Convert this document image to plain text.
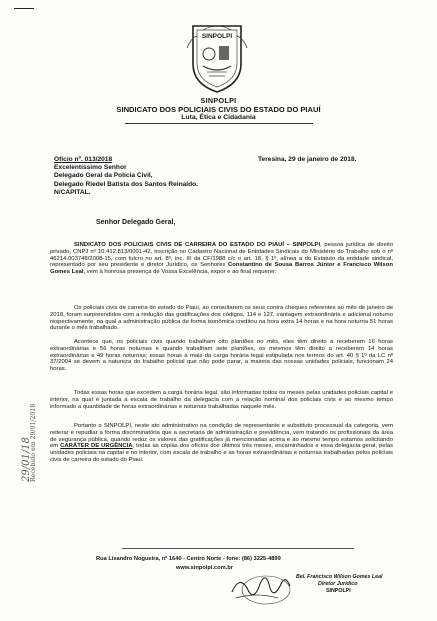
SINPOLPI
SINPOLPI
SINDICATO DOS POLICIAIS CIVIS DO ESTADO DO PIAUÍ
Luta, Ética e Cidadania
Ofício nº. 013/2018
Excelentíssimo Senhor
Delegado Geral da Polícia Civil,
Delegado Riedel Batista dos Santos Reinaldo.
N/CAPITAL.
Teresina, 29 de janeiro de 2018.
Senhor Delegado Geral,

SINDICATO DOS POLICIAIS CIVIS DE CARREIRA DO ESTADO DO PIAUÍ – SINPOLPI, pessoa jurídica de direito privado, CNPJ nº 10.412.813/0001-42, inscrição no Cadastro Nacional de Entidades Sindicais do Ministério do Trabalho sob o nº 46214.003748/2008-15, com fulcro no art. 8º, inc. III da CF/1988 c/c o art. 18, § 1º, alínea a do Estatuto da entidade sindical, representado por seu presidente e diretor Jurídico, os Senhores Constantino de Sousa Barros Júnior e Francisco Wilson Gomes Leal, vem à honrosa presença de Vossa Excelência, expor e ao final requerer:

Os policiais civis de carreira do estado do Piauí, ao consultarem os seus contra cheques referentes ao mês de janeiro de 2018, foram surpreendidos com a redução das gratificações dos códigos, 114 e 127, vantagem extraordinária e adicional noturno respectivamente, na qual a administração pública de forma isonômica creditou na hora extra 14 horas e na hora noturna 51 horas durante o mês trabalhado.

Acontece que, os policiais civis quando trabalham oito plantões no mês, eles têm direito a receberem 16 horas extraordinárias e 56 horas noturnas e quando trabalham sete plantões, os mesmos têm direito a receberem 14 horas extraordinárias e 49 horas noturnas; essas horas a mais da carga horária legal estipulada nos termos do art. 40 § 1º da LC nº 37/2004 se devem a natureza do trabalho policial que não pode parar, a maioria das nossas unidades policiais, funcionam 24 horas.

Todas essas horas que excedem a carga horária legal, são informadas todos os meses pelas unidades policiais capital e interior, na qual é juntada a escala de trabalho da delegacia com a relação nominal dos policiais civis e ao mesmo tempo informado a quantidade de horas extraordinárias e noturnas trabalhadas naquele mês.

Portanto o SINPOLPI, neste ato administrativo na condição de representante e substituto processual da categoria, vem reiterar e repudiar a forma discriminatória que a secretaria de administração e previdência, vem tratando os profissionais da área de segurança pública, quando reduz os valores das gratificações já mencionadas acima e ao mesmo tempo estamos solicitando em CARÁTER DE URGÊNCIA, todas as cópias dos ofícios dos últimos três meses, encaminhados e essa delegacia geral, pelas unidades policiais na capital e no interior, com escala de trabalho e as horas extraordinárias e noturnas trabalhadas pelos policiais civis de carreira do estado do Piauí.

29/01/18
Recebido em 29/01/2018
Rua Lisandro Nogueira, nº 1640 - Centro Norte - fone: (86) 3225-4899
www.sinpolpi.com.br
Bel. Francisco Wilson Gomes Leal
Diretor Jurídico
SINPOLPI
